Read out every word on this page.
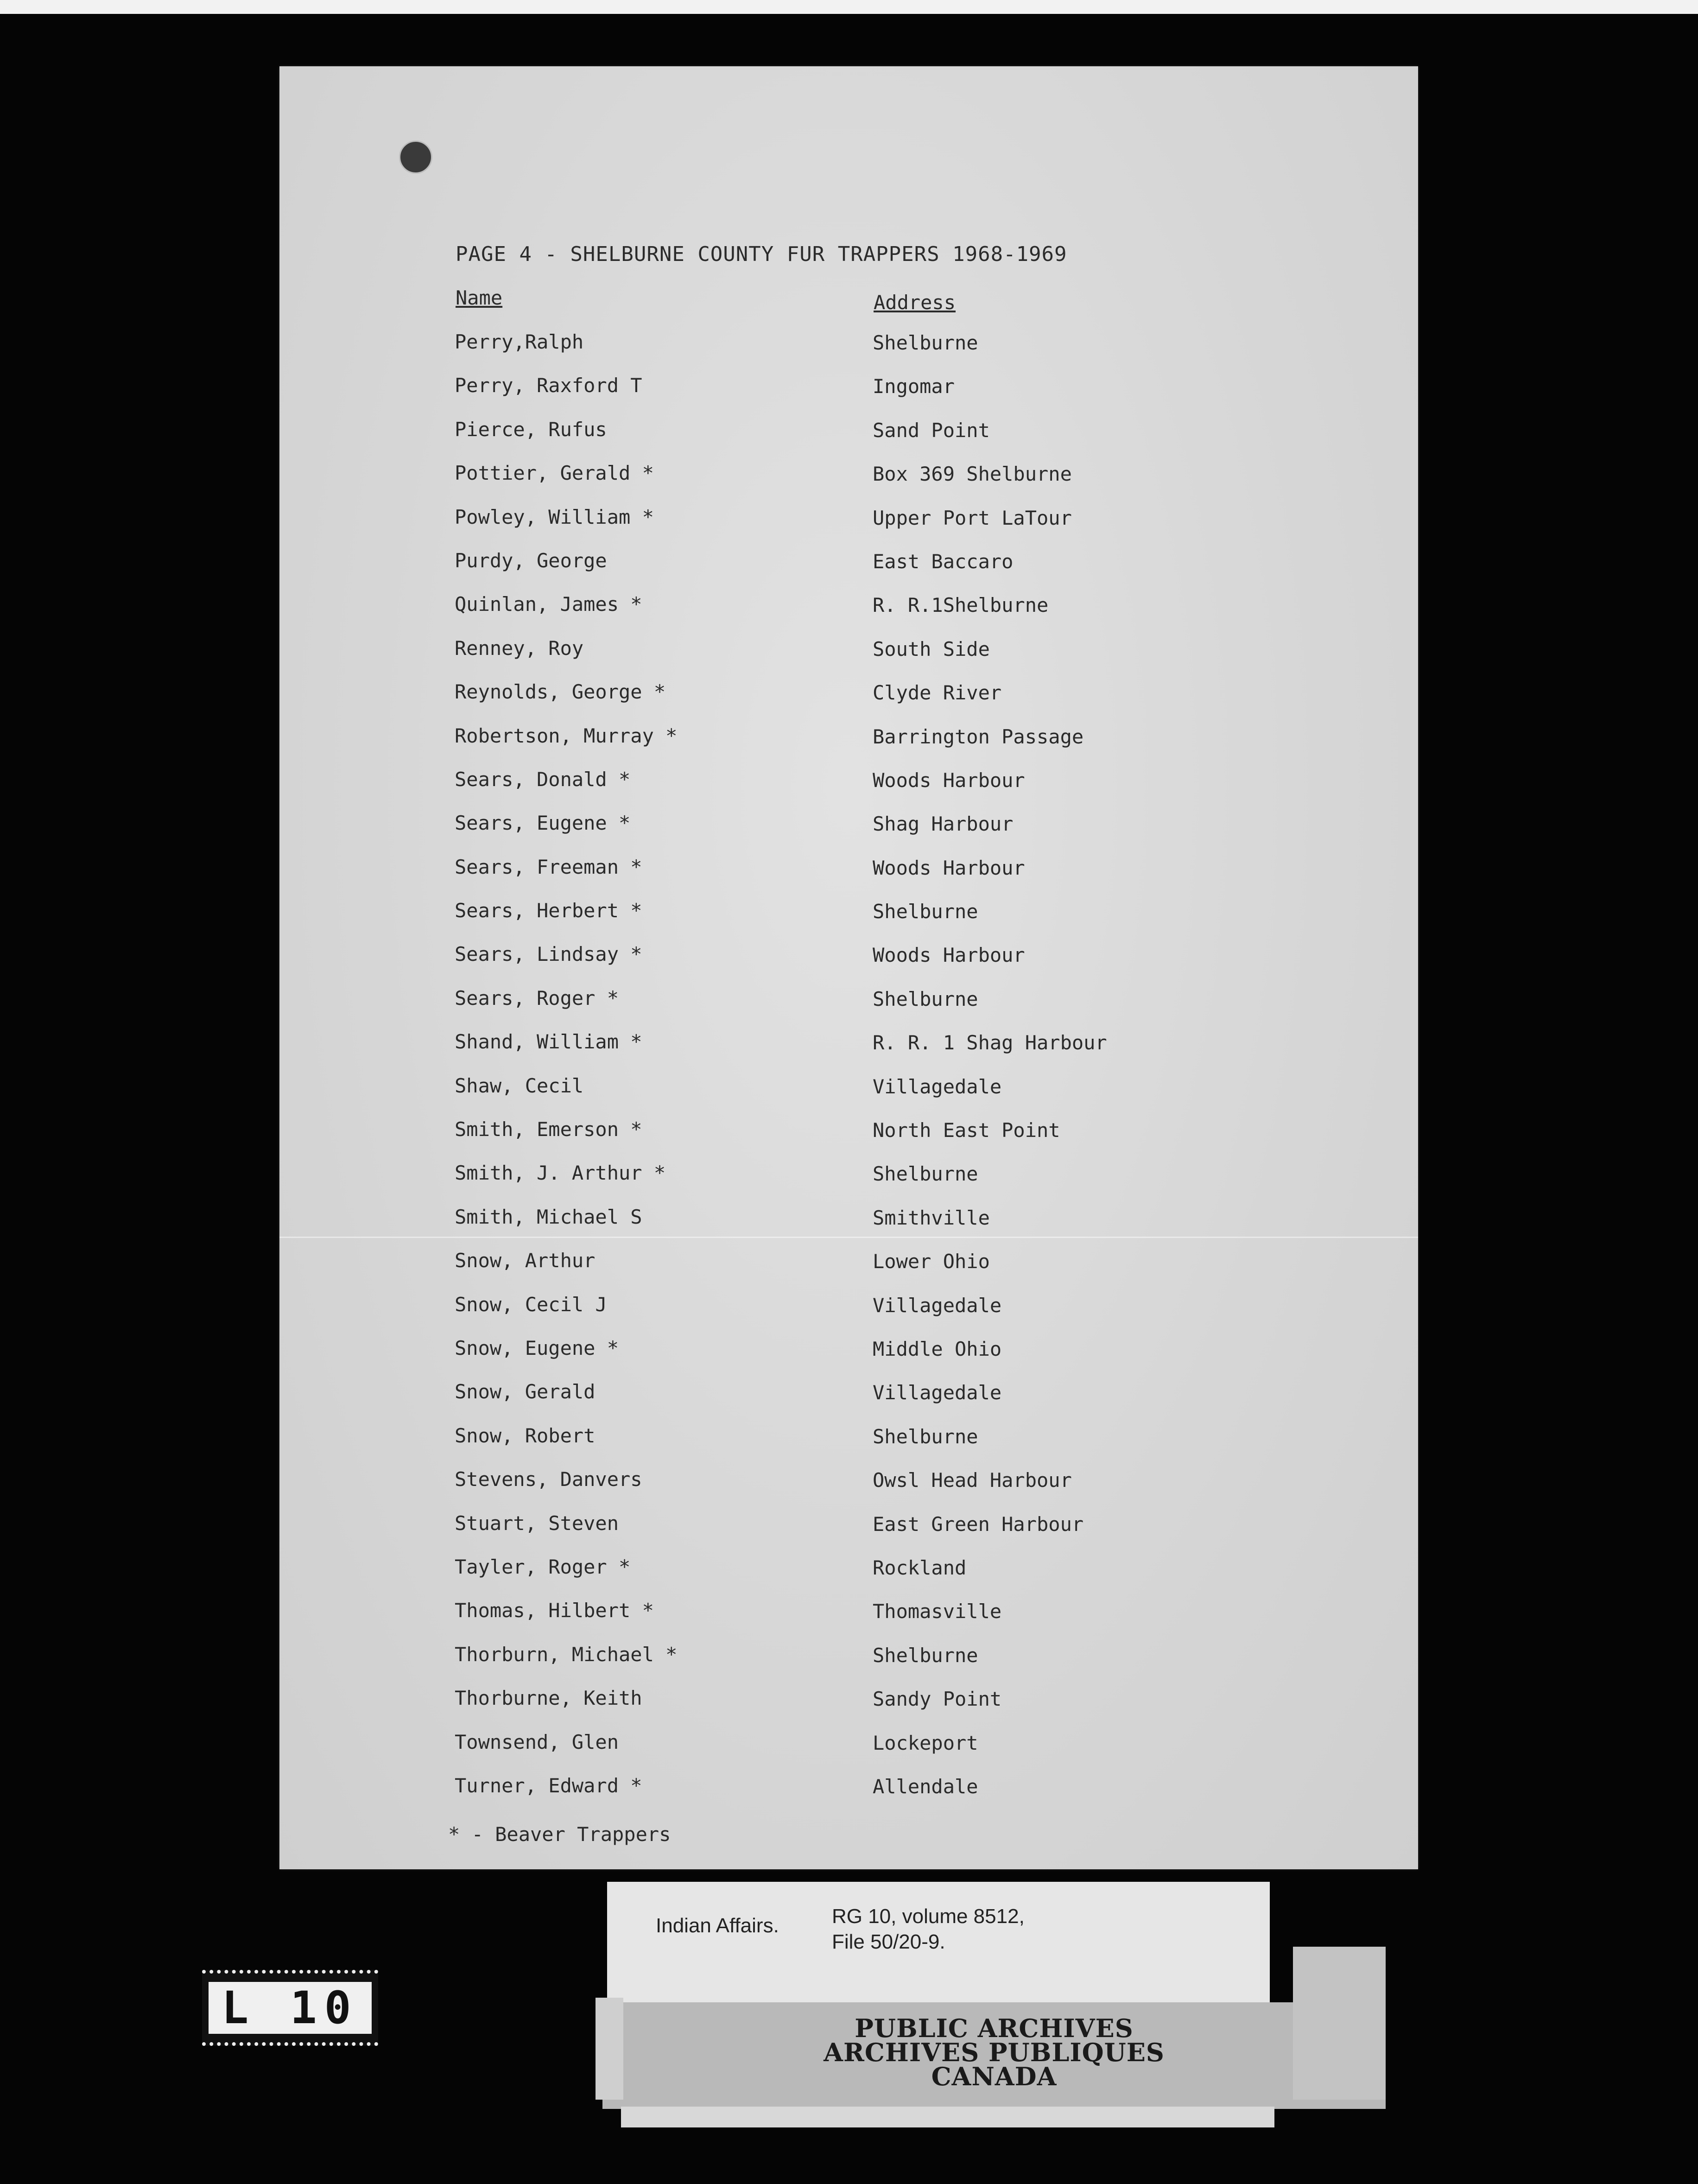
PAGE 4 - SHELBURNE COUNTY FUR TRAPPERS 1968-1969
Name	Address
Perry,Ralph	Shelburne
Perry, Raxford T	Ingomar
Pierce, Rufus	Sand Point
Pottier, Gerald *	Box 369 Shelburne
Powley, William *	Upper Port LaTour
Purdy, George	East Baccaro
Quinlan, James *	R. R.1Shelburne
Renney, Roy	South Side
Reynolds, George *	Clyde River
Robertson, Murray *	Barrington Passage
Sears, Donald *	Woods Harbour
Sears, Eugene *	Shag Harbour
Sears, Freeman *	Woods Harbour
Sears, Herbert *	Shelburne
Sears, Lindsay *	Woods Harbour
Sears, Roger *	Shelburne
Shand, William *	R. R. 1 Shag Harbour
Shaw, Cecil	Villagedale
Smith, Emerson *	North East Point
Smith, J. Arthur *	Shelburne
Smith, Michael S	Smithville
Snow, Arthur	Lower Ohio
Snow, Cecil J	Villagedale
Snow, Eugene *	Middle Ohio
Snow, Gerald	Villagedale
Snow, Robert	Shelburne
Stevens, Danvers	Owsl Head Harbour
Stuart, Steven	East Green Harbour
Tayler, Roger *	Rockland
Thomas, Hilbert *	Thomasville
Thorburn, Michael *	Shelburne
Thorburne, Keith	Sandy Point
Townsend, Glen	Lockeport
Turner, Edward *	Allendale
* - Beaver Trappers
L 10
Indian Affairs.	RG 10, volume 8512,
File 50/20-9.
PUBLIC ARCHIVES
ARCHIVES PUBLIQUES
CANADA
